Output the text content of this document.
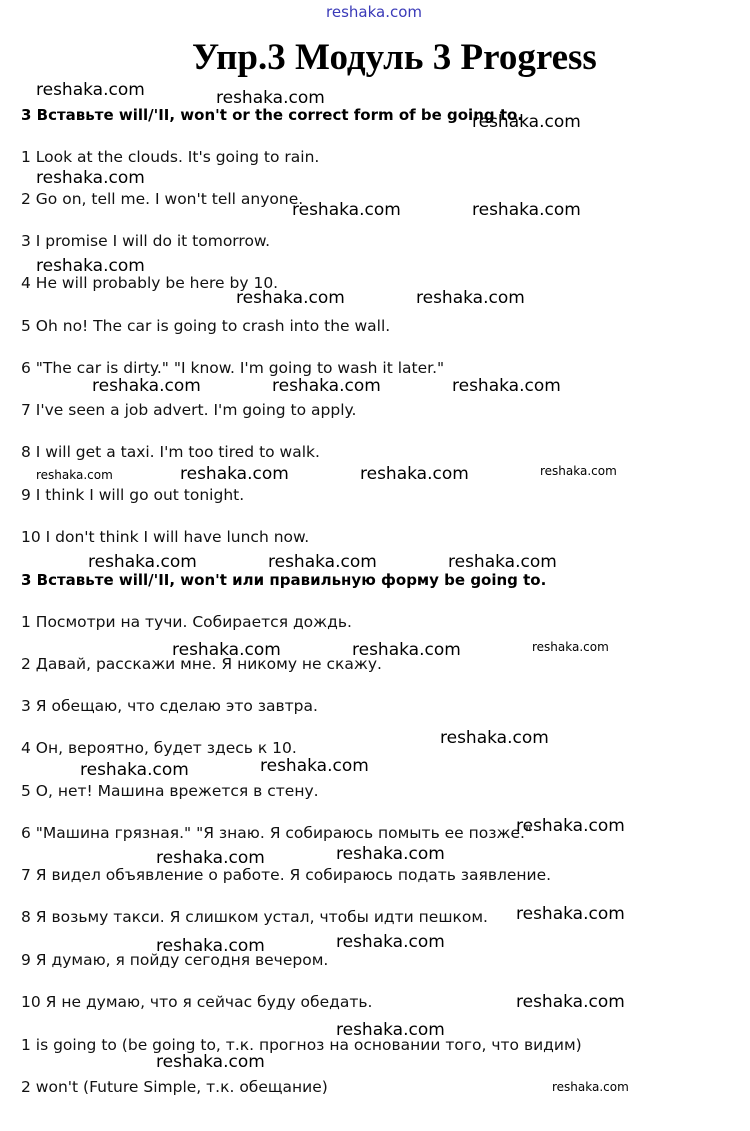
reshaka.com
Упр.3 Модуль 3 Progress
3 Вставьте will/'II, won't or the correct form of be going to.
1 Look at the clouds. It's going to rain.
2 Go on, tell me. I won't tell anyone.
3 I promise I will do it tomorrow.
4 He will probably be here by 10.
5 Oh no! The car is going to crash into the wall.
6 "The car is dirty." "I know. I'm going to wash it later."
7 I've seen a job advert. I'm going to apply.
8 I will get a taxi. I'm too tired to walk.
9 I think I will go out tonight.
10 I don't think I will have lunch now.
3 Вставьте will/'II, won't или правильную форму be going to.
1 Посмотри на тучи. Собирается дождь.
2 Давай, расскажи мне. Я никому не скажу.
3 Я обещаю, что сделаю это завтра.
4 Он, вероятно, будет здесь к 10.
5 О, нет! Машина врежется в стену.
6 "Машина грязная." "Я знаю. Я собираюсь помыть ее позже."
7 Я видел объявление о работе. Я собираюсь подать заявление.
8 Я возьму такси. Я слишком устал, чтобы идти пешком.
9 Я думаю, я пойду сегодня вечером.
10 Я не думаю, что я сейчас буду обедать.
1 is going to (be going to, т.к. прогноз на основании того, что видим)
2 won't (Future Simple, т.к. обещание)
reshaka.com	reshaka.com
reshaka.com
reshaka.com
reshaka.com	reshaka.com
reshaka.com
reshaka.com	reshaka.com
reshaka.com	reshaka.com	reshaka.com
reshaka.com	reshaka.com	reshaka.com	reshaka.com
reshaka.com	reshaka.com	reshaka.com
reshaka.com	reshaka.com	reshaka.com
reshaka.com
reshaka.com	reshaka.com
reshaka.com
reshaka.com
reshaka.com
reshaka.com
reshaka.com
reshaka.com
reshaka.com
reshaka.com
reshaka.com
reshaka.com
